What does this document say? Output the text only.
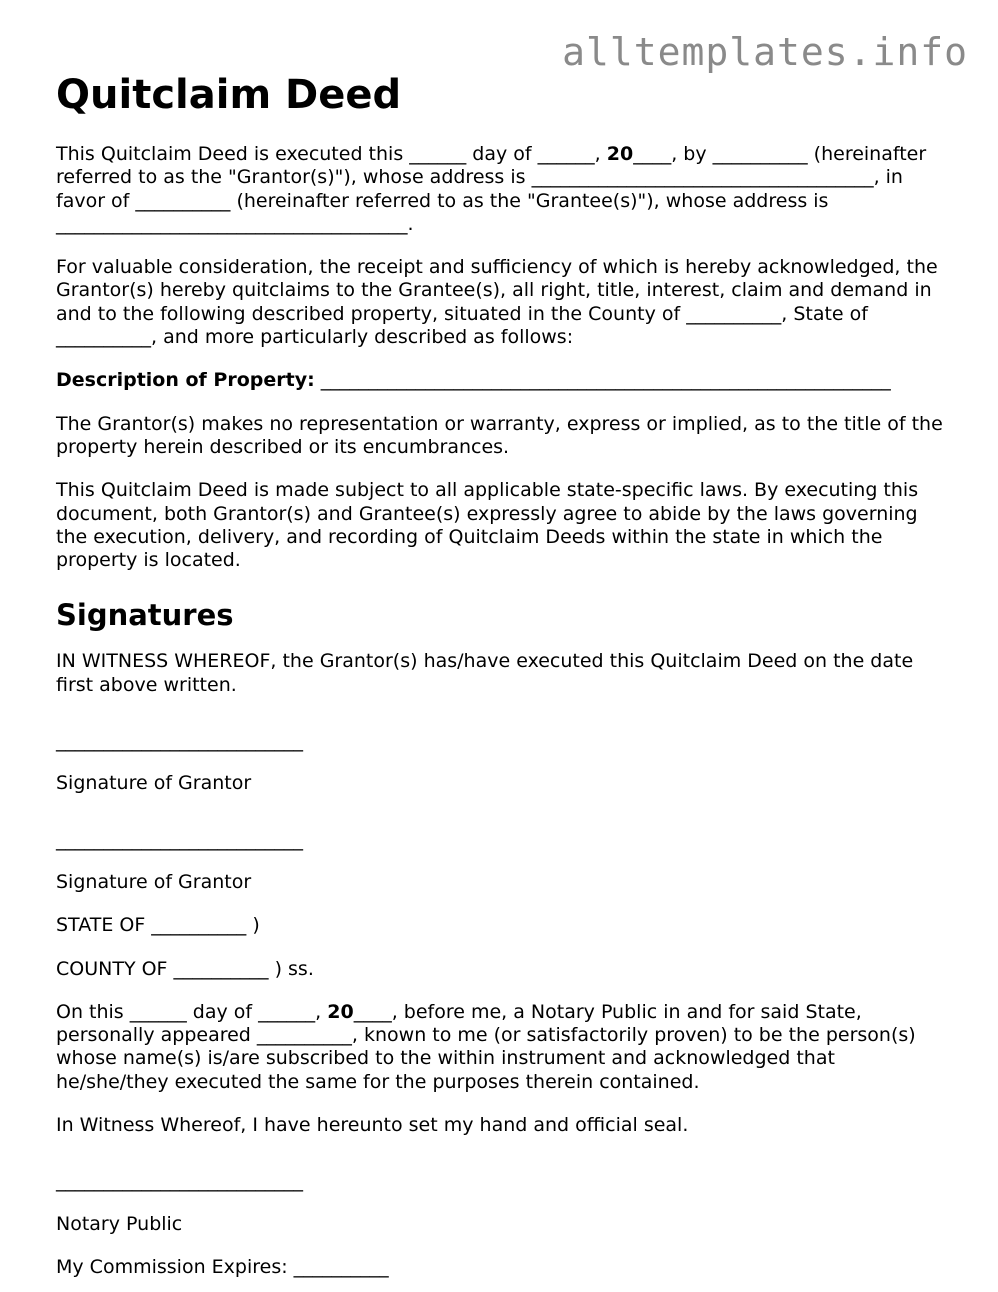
alltemplates.info
Quitclaim Deed

This Quitclaim Deed is executed this ______ day of ______, 20____, by __________ (hereinafter referred to as the "Grantor(s)"), whose address is ____________________________________, in favor of __________ (hereinafter referred to as the "Grantee(s)"), whose address is _____________________________________.

For valuable consideration, the receipt and sufficiency of which is hereby acknowledged, the Grantor(s) hereby quitclaims to the Grantee(s), all right, title, interest, claim and demand in and to the following described property, situated in the County of __________, State of __________, and more particularly described as follows:

Description of Property: ____________________________________________________________

The Grantor(s) makes no representation or warranty, express or implied, as to the title of the property herein described or its encumbrances.

This Quitclaim Deed is made subject to all applicable state-specific laws. By executing this document, both Grantor(s) and Grantee(s) expressly agree to abide by the laws governing the execution, delivery, and recording of Quitclaim Deeds within the state in which the property is located.

Signatures

IN WITNESS WHEREOF, the Grantor(s) has/have executed this Quitclaim Deed on the date first above written.

__________________________

Signature of Grantor

__________________________

Signature of Grantor

STATE OF __________ )

COUNTY OF __________ ) ss.

On this ______ day of ______, 20____, before me, a Notary Public in and for said State, personally appeared __________, known to me (or satisfactorily proven) to be the person(s) whose name(s) is/are subscribed to the within instrument and acknowledged that he/she/they executed the same for the purposes therein contained.

In Witness Whereof, I have hereunto set my hand and official seal.

__________________________

Notary Public

My Commission Expires: __________
